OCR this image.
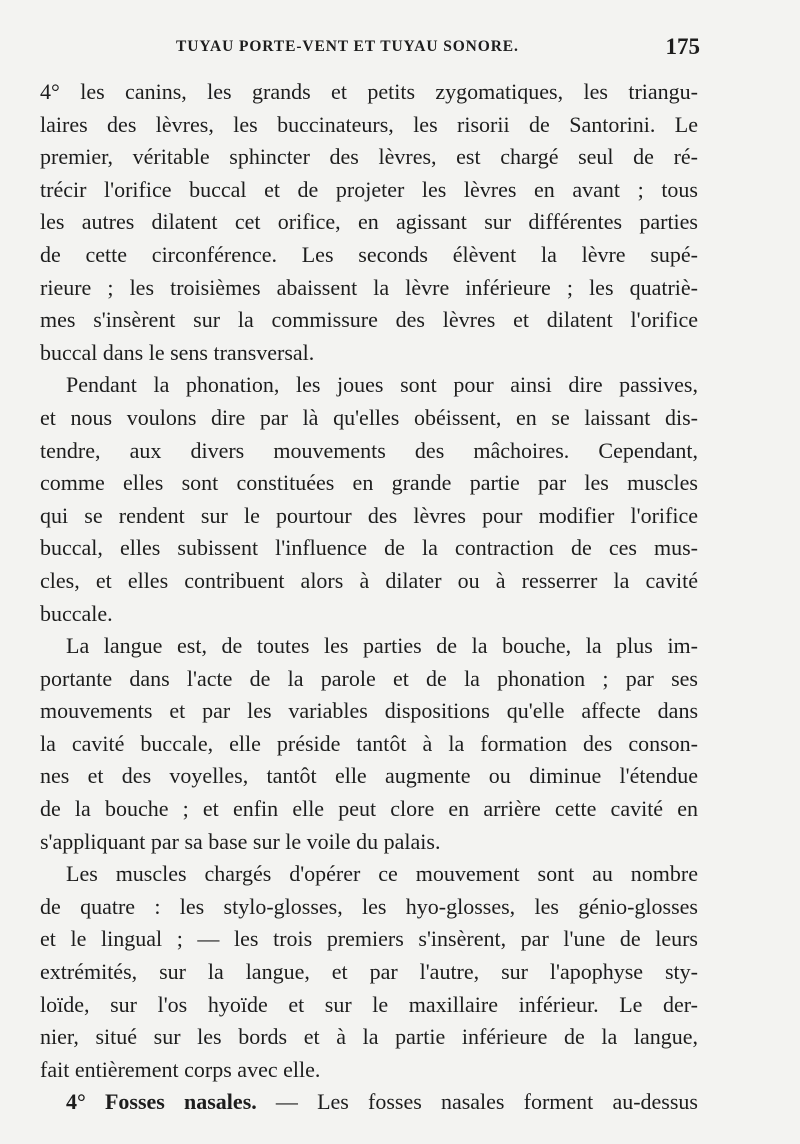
TUYAU PORTE-VENT ET TUYAU SONORE.	175
4° les canins, les grands et petits zygomatiques, les triangu-
laires des lèvres, les buccinateurs, les risorii de Santorini. Le
premier, véritable sphincter des lèvres, est chargé seul de ré-
trécir l'orifice buccal et de projeter les lèvres en avant ; tous
les autres dilatent cet orifice, en agissant sur différentes parties
de cette circonférence. Les seconds élèvent la lèvre supé-
rieure ; les troisièmes abaissent la lèvre inférieure ; les quatriè-
mes s'insèrent sur la commissure des lèvres et dilatent l'orifice
buccal dans le sens transversal.
Pendant la phonation, les joues sont pour ainsi dire passives,
et nous voulons dire par là qu'elles obéissent, en se laissant dis-
tendre, aux divers mouvements des mâchoires. Cependant,
comme elles sont constituées en grande partie par les muscles
qui se rendent sur le pourtour des lèvres pour modifier l'orifice
buccal, elles subissent l'influence de la contraction de ces mus-
cles, et elles contribuent alors à dilater ou à resserrer la cavité
buccale.
La langue est, de toutes les parties de la bouche, la plus im-
portante dans l'acte de la parole et de la phonation ; par ses
mouvements et par les variables dispositions qu'elle affecte dans
la cavité buccale, elle préside tantôt à la formation des conson-
nes et des voyelles, tantôt elle augmente ou diminue l'étendue
de la bouche ; et enfin elle peut clore en arrière cette cavité en
s'appliquant par sa base sur le voile du palais.
Les muscles chargés d'opérer ce mouvement sont au nombre
de quatre : les stylo-glosses, les hyo-glosses, les génio-glosses
et le lingual ; — les trois premiers s'insèrent, par l'une de leurs
extrémités, sur la langue, et par l'autre, sur l'apophyse sty-
loïde, sur l'os hyoïde et sur le maxillaire inférieur. Le der-
nier, situé sur les bords et à la partie inférieure de la langue,
fait entièrement corps avec elle.
4° Fosses nasales. — Les fosses nasales forment au-dessus
